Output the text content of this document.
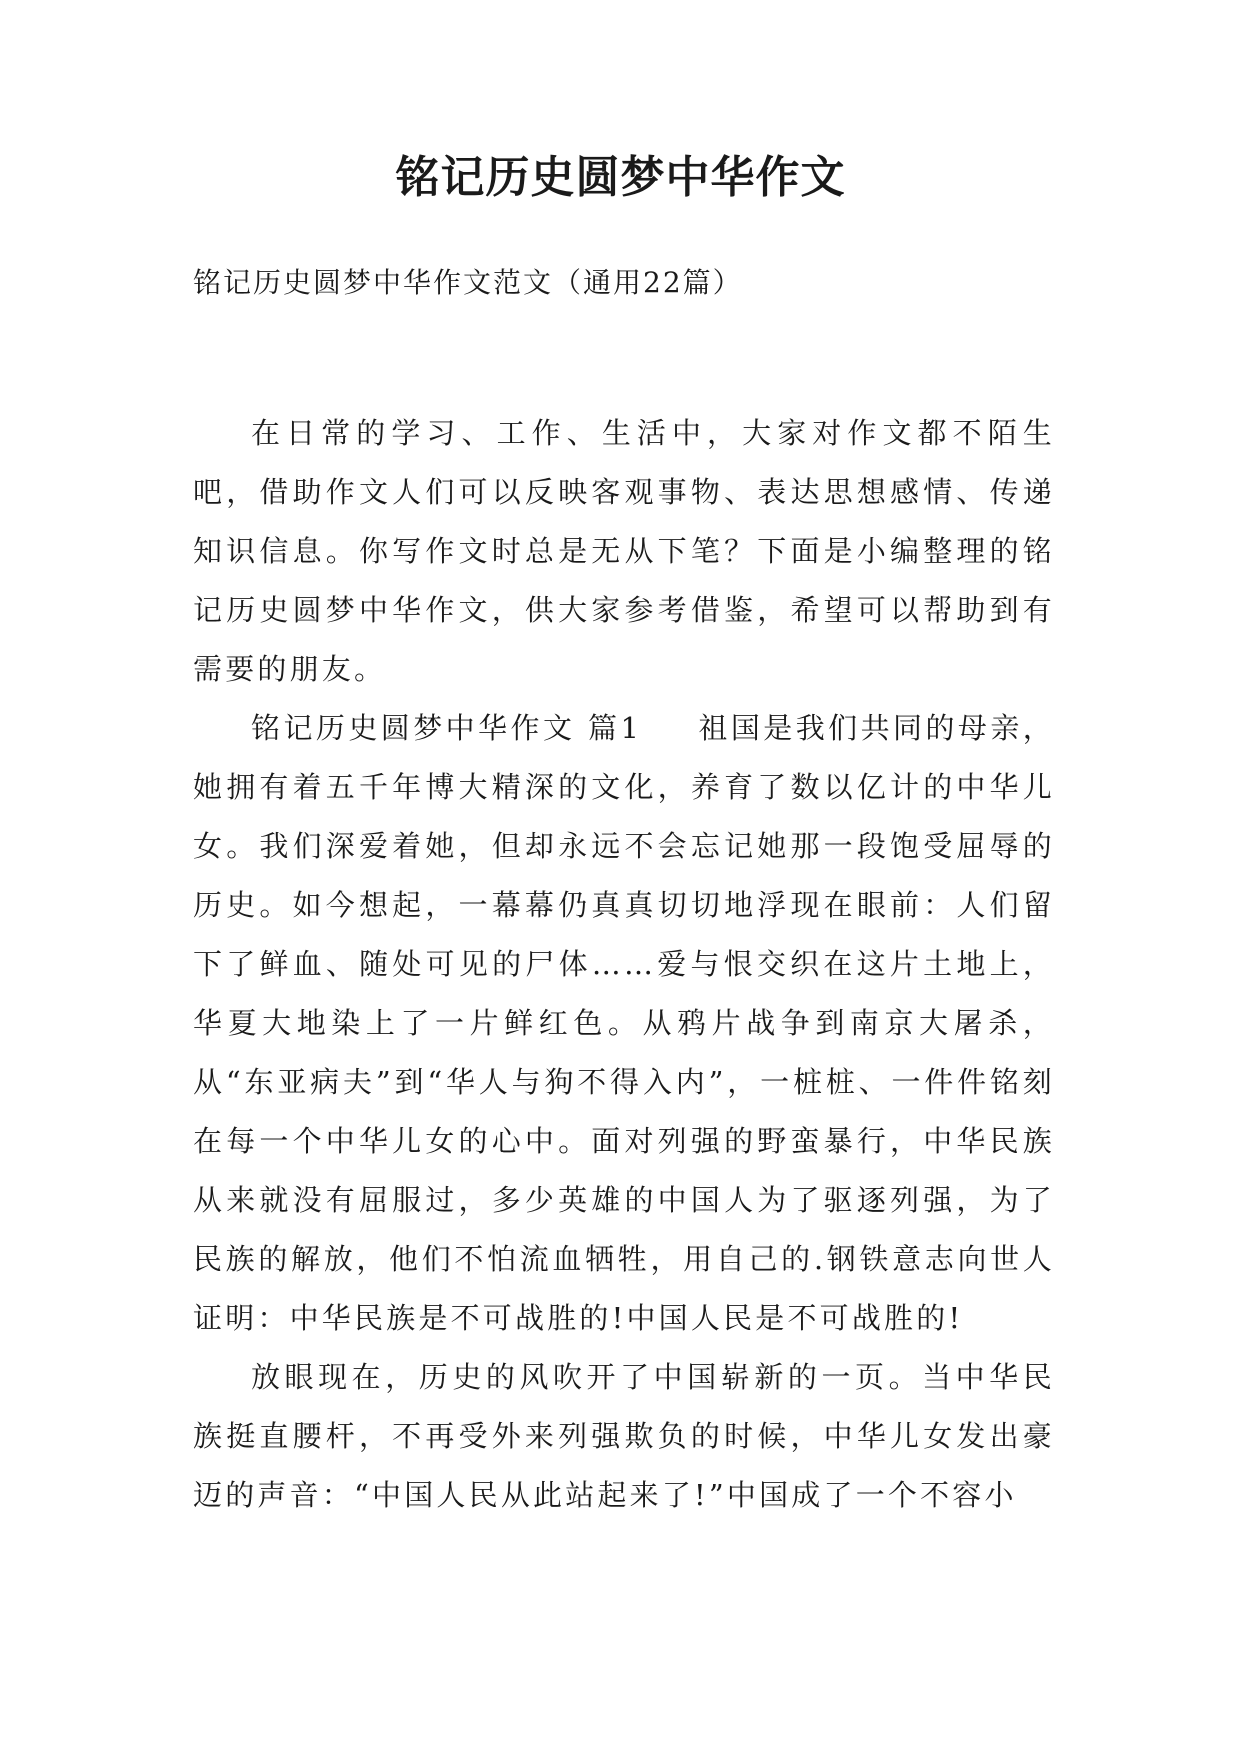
铭记历史圆梦中华作文

铭记历史圆梦中华作文范文（通用22篇）

在日常的学习、工作、生活中，大家对作文都不陌生吧，借助作文人们可以反映客观事物、表达思想感情、传递知识信息。你写作文时总是无从下笔？下面是小编整理的铭记历史圆梦中华作文，供大家参考借鉴，希望可以帮助到有需要的朋友。

铭记历史圆梦中华作文 篇1 祖国是我们共同的母亲，她拥有着五千年博大精深的文化，养育了数以亿计的中华儿女。我们深爱着她，但却永远不会忘记她那一段饱受屈辱的历史。如今想起，一幕幕仍真真切切地浮现在眼前：人们留下了鲜血、随处可见的尸体……爱与恨交织在这片土地上，华夏大地染上了一片鲜红色。从鸦片战争到南京大屠杀，从“东亚病夫”到“华人与狗不得入内”，一桩桩、一件件铭刻在每一个中华儿女的心中。面对列强的野蛮暴行，中华民族从来就没有屈服过，多少英雄的中国人为了驱逐列强，为了民族的解放，他们不怕流血牺牲，用自己的.钢铁意志向世人证明：中华民族是不可战胜的!中国人民是不可战胜的!

放眼现在，历史的风吹开了中国崭新的一页。当中华民族挺直腰杆，不再受外来列强欺负的时候，中华儿女发出豪迈的声音：“中国人民从此站起来了!”中国成了一个不容小
